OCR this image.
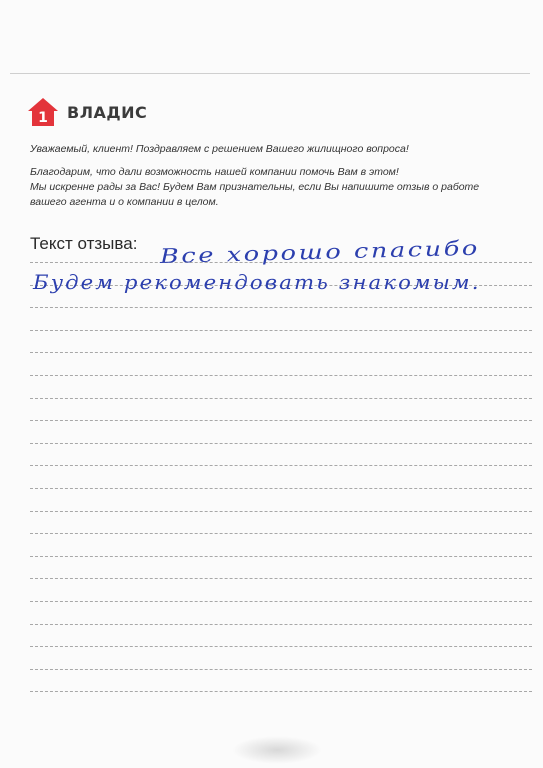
1 ВЛАДИС
Уважаемый, клиент! Поздравляем с решением Вашего жилищного вопроса!
Благодарим, что дали возможность нашей компании помочь Вам в этом!
Мы искренне рады за Вас! Будем Вам признательны, если Вы напишите отзыв о работе
вашего агента и о компании в целом.
Текст отзыва: Все хорошо спасибо
Будем рекомендовать знакомым.
